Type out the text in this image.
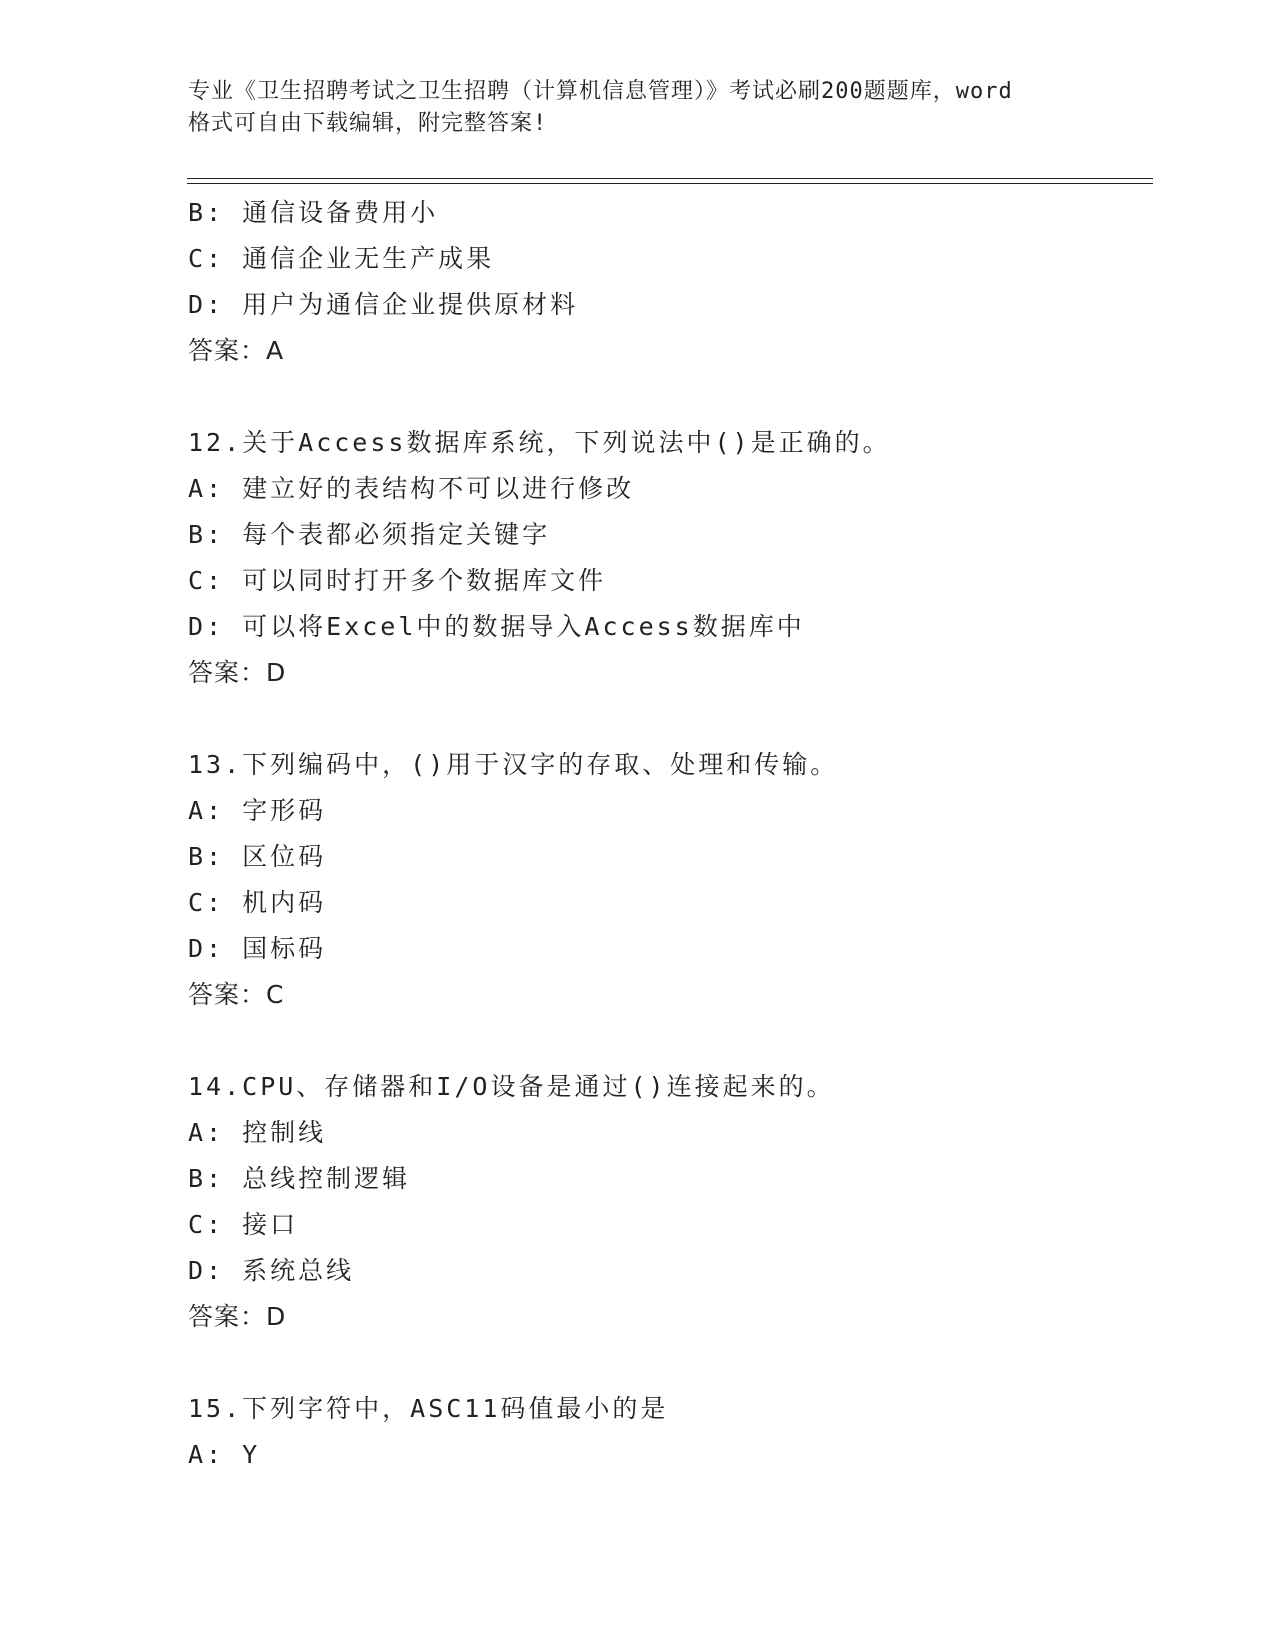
专业《卫生招聘考试之卫生招聘（计算机信息管理）》考试必刷200题题库，word
格式可自由下载编辑，附完整答案!
B: 通信设备费用小
C: 通信企业无生产成果
D: 用户为通信企业提供原材料
答案：A
12.关于Access数据库系统，下列说法中()是正确的。
A: 建立好的表结构不可以进行修改
B: 每个表都必须指定关键字
C: 可以同时打开多个数据库文件
D: 可以将Excel中的数据导入Access数据库中
答案：D
13.下列编码中，()用于汉字的存取、处理和传输。
A: 字形码
B: 区位码
C: 机内码
D: 国标码
答案：C
14.CPU、存储器和I/O设备是通过()连接起来的。
A: 控制线
B: 总线控制逻辑
C: 接口
D: 系统总线
答案：D
15.下列字符中，ASC11码值最小的是
A: Y
